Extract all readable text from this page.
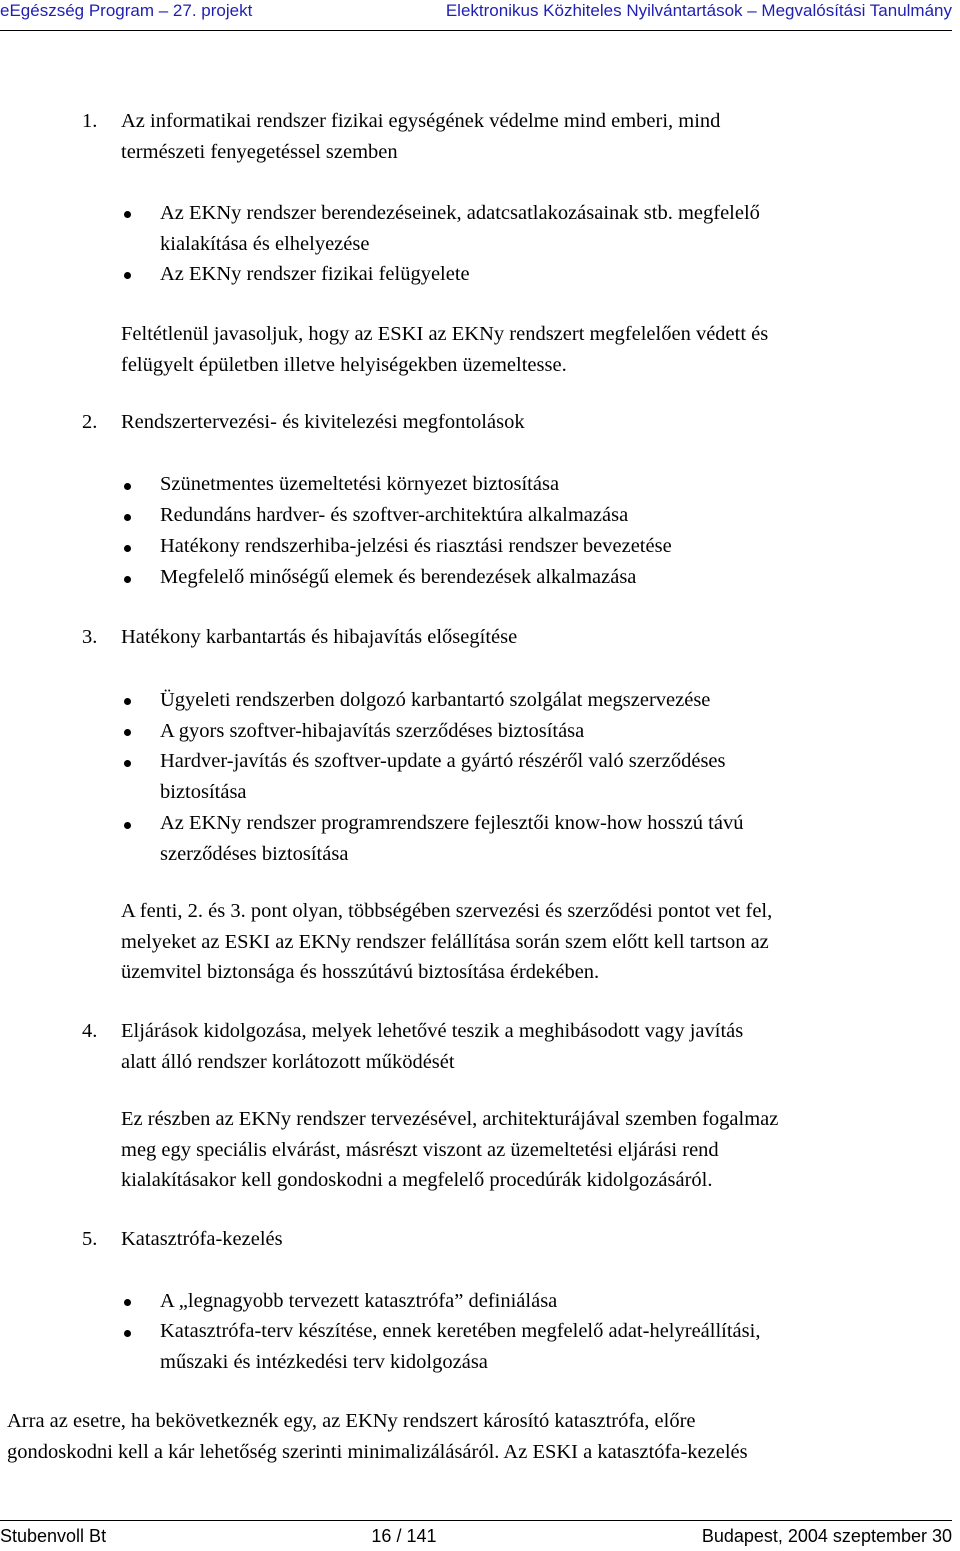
eEgészség Program – 27. projekt	Elektronikus Közhiteles Nyilvántartások – Megvalósítási Tanulmány
1. Az informatikai rendszer fizikai egységének védelme mind emberi, mind
természeti fenyegetéssel szemben
Az EKNy rendszer berendezéseinek, adatcsatlakozásainak stb. megfelelő
kialakítása és elhelyezése
Az EKNy rendszer fizikai felügyelete
Feltétlenül javasoljuk, hogy az ESKI az EKNy rendszert megfelelően védett és
felügyelt épületben illetve helyiségekben üzemeltesse.
2. Rendszertervezési- és kivitelezési megfontolások
Szünetmentes üzemeltetési környezet biztosítása
Redundáns hardver- és szoftver-architektúra alkalmazása
Hatékony rendszerhiba-jelzési és riasztási rendszer bevezetése
Megfelelő minőségű elemek és berendezések alkalmazása
3. Hatékony karbantartás és hibajavítás elősegítése
Ügyeleti rendszerben dolgozó karbantartó szolgálat megszervezése
A gyors szoftver-hibajavítás szerződéses biztosítása
Hardver-javítás és szoftver-update a gyártó részéről való szerződéses
biztosítása
Az EKNy rendszer programrendszere fejlesztői know-how hosszú távú
szerződéses biztosítása
A fenti, 2. és 3. pont olyan, többségében szervezési és szerződési pontot vet fel,
melyeket az ESKI az EKNy rendszer felállítása során szem előtt kell tartson az
üzemvitel biztonsága és hosszútávú biztosítása érdekében.
4. Eljárások kidolgozása, melyek lehetővé teszik a meghibásodott vagy javítás
alatt álló rendszer korlátozott működését
Ez részben az EKNy rendszer tervezésével, architekturájával szemben fogalmaz
meg egy speciális elvárást, másrészt viszont az üzemeltetési eljárási rend
kialakításakor kell gondoskodni a megfelelő procedúrák kidolgozásáról.
5. Katasztrófa-kezelés
A „legnagyobb tervezett katasztrófa” definiálása
Katasztrófa-terv készítése, ennek keretében megfelelő adat-helyreállítási,
műszaki és intézkedési terv kidolgozása
Arra az esetre, ha bekövetkeznék egy, az EKNy rendszert károsító katasztrófa, előre
gondoskodni kell a kár lehetőség szerinti minimalizálásáról. Az ESKI a katasztófa-kezelés
Stubenvoll Bt	16 / 141	Budapest, 2004 szeptember 30
